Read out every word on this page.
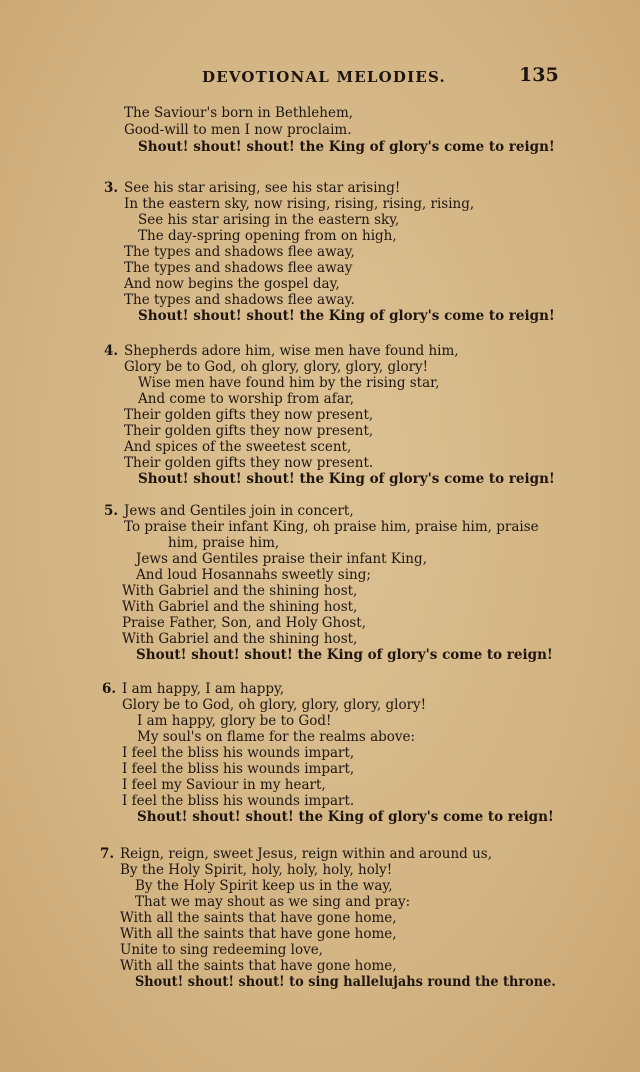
DEVOTIONAL MELODIES.	135
The Saviour's born in Bethlehem,
Good-will to men I now proclaim.
Shout! shout! shout! the King of glory's come to reign!
3. See his star arising, see his star arising!
In the eastern sky, now rising, rising, rising, rising,
See his star arising in the eastern sky,
The day-spring opening from on high,
The types and shadows flee away,
The types and shadows flee away
And now begins the gospel day,
The types and shadows flee away.
Shout! shout! shout! the King of glory's come to reign!
4. Shepherds adore him, wise men have found him,
Glory be to God, oh glory, glory, glory, glory!
Wise men have found him by the rising star,
And come to worship from afar,
Their golden gifts they now present,
Their golden gifts they now present,
And spices of the sweetest scent,
Their golden gifts they now present.
Shout! shout! shout! the King of glory's come to reign!
5. Jews and Gentiles join in concert,
To praise their infant King, oh praise him, praise him, praise
him, praise him,
Jews and Gentiles praise their infant King,
And loud Hosannahs sweetly sing;
With Gabriel and the shining host,
With Gabriel and the shining host,
Praise Father, Son, and Holy Ghost,
With Gabriel and the shining host,
Shout! shout! shout! the King of glory's come to reign!
6. I am happy, I am happy,
Glory be to God, oh glory, glory, glory, glory!
I am happy, glory be to God!
My soul's on flame for the realms above:
I feel the bliss his wounds impart,
I feel the bliss his wounds impart,
I feel my Saviour in my heart,
I feel the bliss his wounds impart.
Shout! shout! shout! the King of glory's come to reign!
7. Reign, reign, sweet Jesus, reign within and around us,
By the Holy Spirit, holy, holy, holy, holy!
By the Holy Spirit keep us in the way,
That we may shout as we sing and pray:
With all the saints that have gone home,
With all the saints that have gone home,
Unite to sing redeeming love,
With all the saints that have gone home,
Shout! shout! shout! to sing hallelujahs round the throne.
